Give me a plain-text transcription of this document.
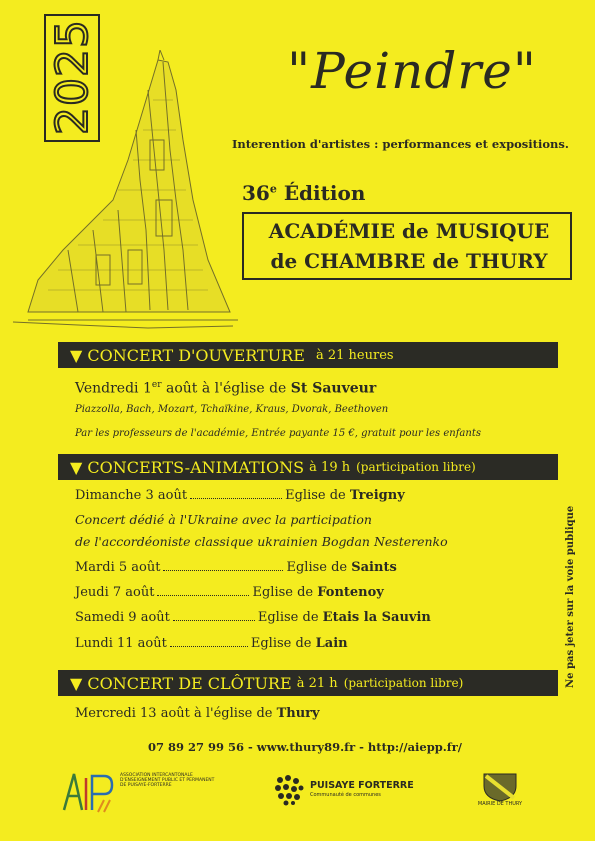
2025	"Peindre"
Interention d'artistes : performances et expositions.
36e Édition
ACADÉMIE de MUSIQUE
de CHAMBRE de THURY
▼ CONCERT D'OUVERTURE
à 21 heures
Vendredi 1er août à l'église de St Sauveur
Piazzolla, Bach, Mozart, Tchaïkine, Kraus, Dvorak, Beethoven
Par les professeurs de l'académie, Entrée payante 15 €, gratuit pour les enfants
▼ CONCERTS-ANIMATIONS
à 19 h (participation libre)
Dimanche 3 août	Eglise de Treigny
Concert dédié à l'Ukraine avec la participation
de l'accordéoniste classique ukrainien Bogdan Nesterenko
Mardi 5 août	Eglise de Saints
Jeudi 7 août	Eglise de Fontenoy
Samedi 9 août	Eglise de Etais la Sauvin
Lundi 11 août	Eglise de Lain
▼ CONCERT DE CLÔTURE
à 21 h (participation libre)
Mercredi 13 août à l'église de Thury
Ne pas jeter sur la voie publique
07 89 27 99 56 - www.thury89.fr - http://aiepp.fr/
ASSOCIATION INTERCANTONALE D'ENSEIGNEMENT PUBLIC ET PERMANENT DE PUISAYE-FORTERRE	PUISAYE FORTERRE
Communauté de communes
MAIRIE DE THURY
